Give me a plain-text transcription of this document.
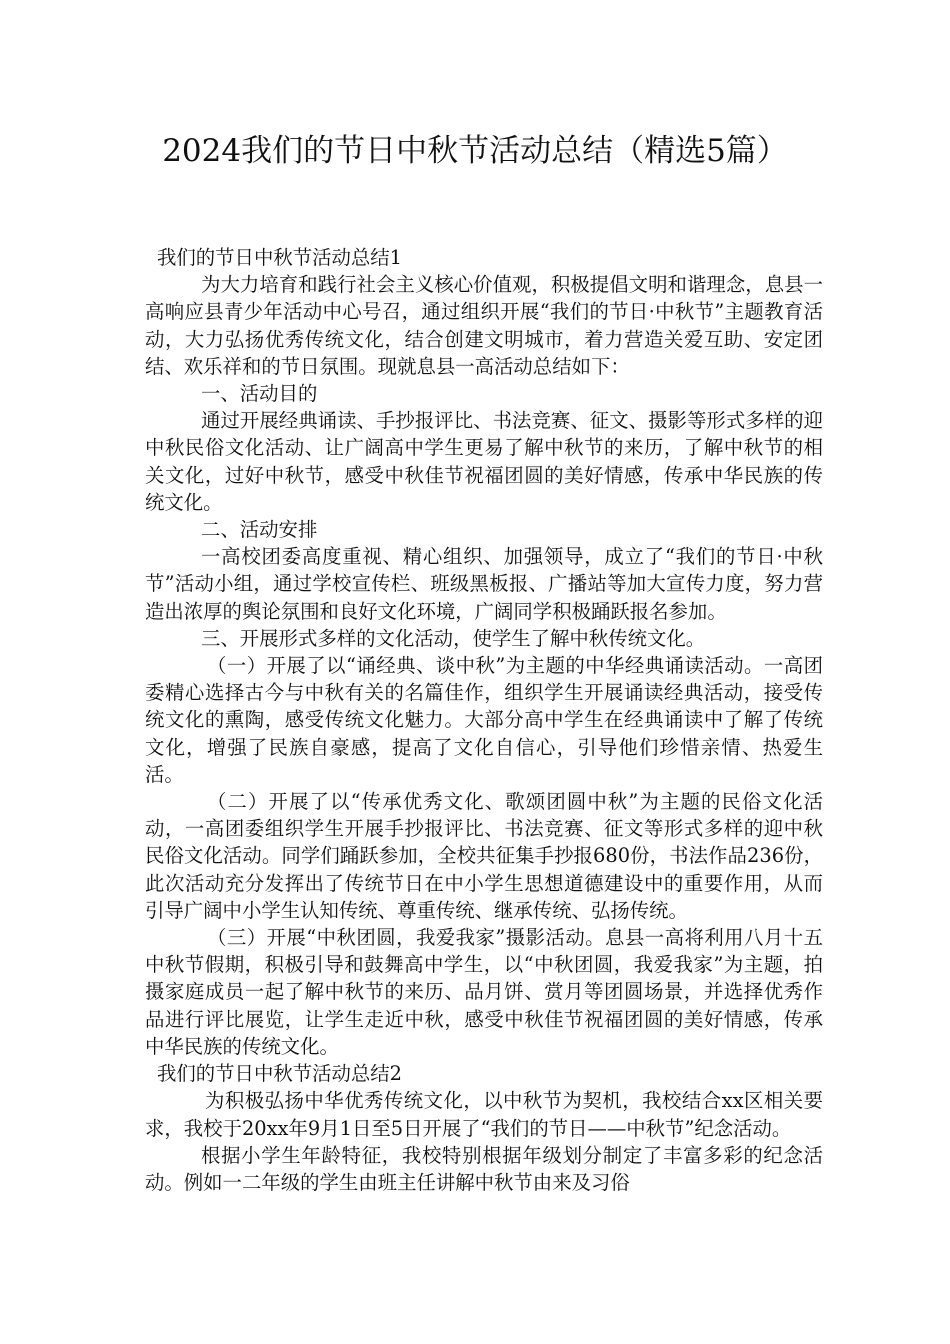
2024我们的节日中秋节活动总结（精选5篇）

我们的节日中秋节活动总结1

为大力培育和践行社会主义核心价值观，积极提倡文明和谐理念，息县一高响应县青少年活动中心号召，通过组织开展“我们的节日·中秋节”主题教育活动，大力弘扬优秀传统文化，结合创建文明城市，着力营造关爱互助、安定团结、欢乐祥和的节日氛围。现就息县一高活动总结如下：

一、活动目的

通过开展经典诵读、手抄报评比、书法竞赛、征文、摄影等形式多样的迎中秋民俗文化活动、让广阔高中学生更易了解中秋节的来历，了解中秋节的相关文化，过好中秋节，感受中秋佳节祝福团圆的美好情感，传承中华民族的传统文化。

二、活动安排

一高校团委高度重视、精心组织、加强领导，成立了“我们的节日·中秋节”活动小组，通过学校宣传栏、班级黑板报、广播站等加大宣传力度，努力营造出浓厚的舆论氛围和良好文化环境，广阔同学积极踊跃报名参加。

三、开展形式多样的文化活动，使学生了解中秋传统文化。

（一）开展了以“诵经典、谈中秋”为主题的中华经典诵读活动。一高团委精心选择古今与中秋有关的名篇佳作，组织学生开展诵读经典活动，接受传统文化的熏陶，感受传统文化魅力。大部分高中学生在经典诵读中了解了传统文化，增强了民族自豪感，提高了文化自信心，引导他们珍惜亲情、热爱生活。

（二）开展了以“传承优秀文化、歌颂团圆中秋”为主题的民俗文化活动，一高团委组织学生开展手抄报评比、书法竞赛、征文等形式多样的迎中秋民俗文化活动。同学们踊跃参加，全校共征集手抄报680份，书法作品236份，此次活动充分发挥出了传统节日在中小学生思想道德建设中的重要作用，从而引导广阔中小学生认知传统、尊重传统、继承传统、弘扬传统。

（三）开展“中秋团圆，我爱我家”摄影活动。息县一高将利用八月十五中秋节假期，积极引导和鼓舞高中学生，以“中秋团圆，我爱我家”为主题，拍摄家庭成员一起了解中秋节的来历、品月饼、赏月等团圆场景，并选择优秀作品进行评比展览，让学生走近中秋，感受中秋佳节祝福团圆的美好情感，传承中华民族的传统文化。

我们的节日中秋节活动总结2

为积极弘扬中华优秀传统文化，以中秋节为契机，我校结合xx区相关要求，我校于20xx年9月1日至5日开展了“我们的节日——中秋节”纪念活动。

根据小学生年龄特征，我校特别根据年级划分制定了丰富多彩的纪念活动。例如一二年级的学生由班主任讲解中秋节由来及习俗
